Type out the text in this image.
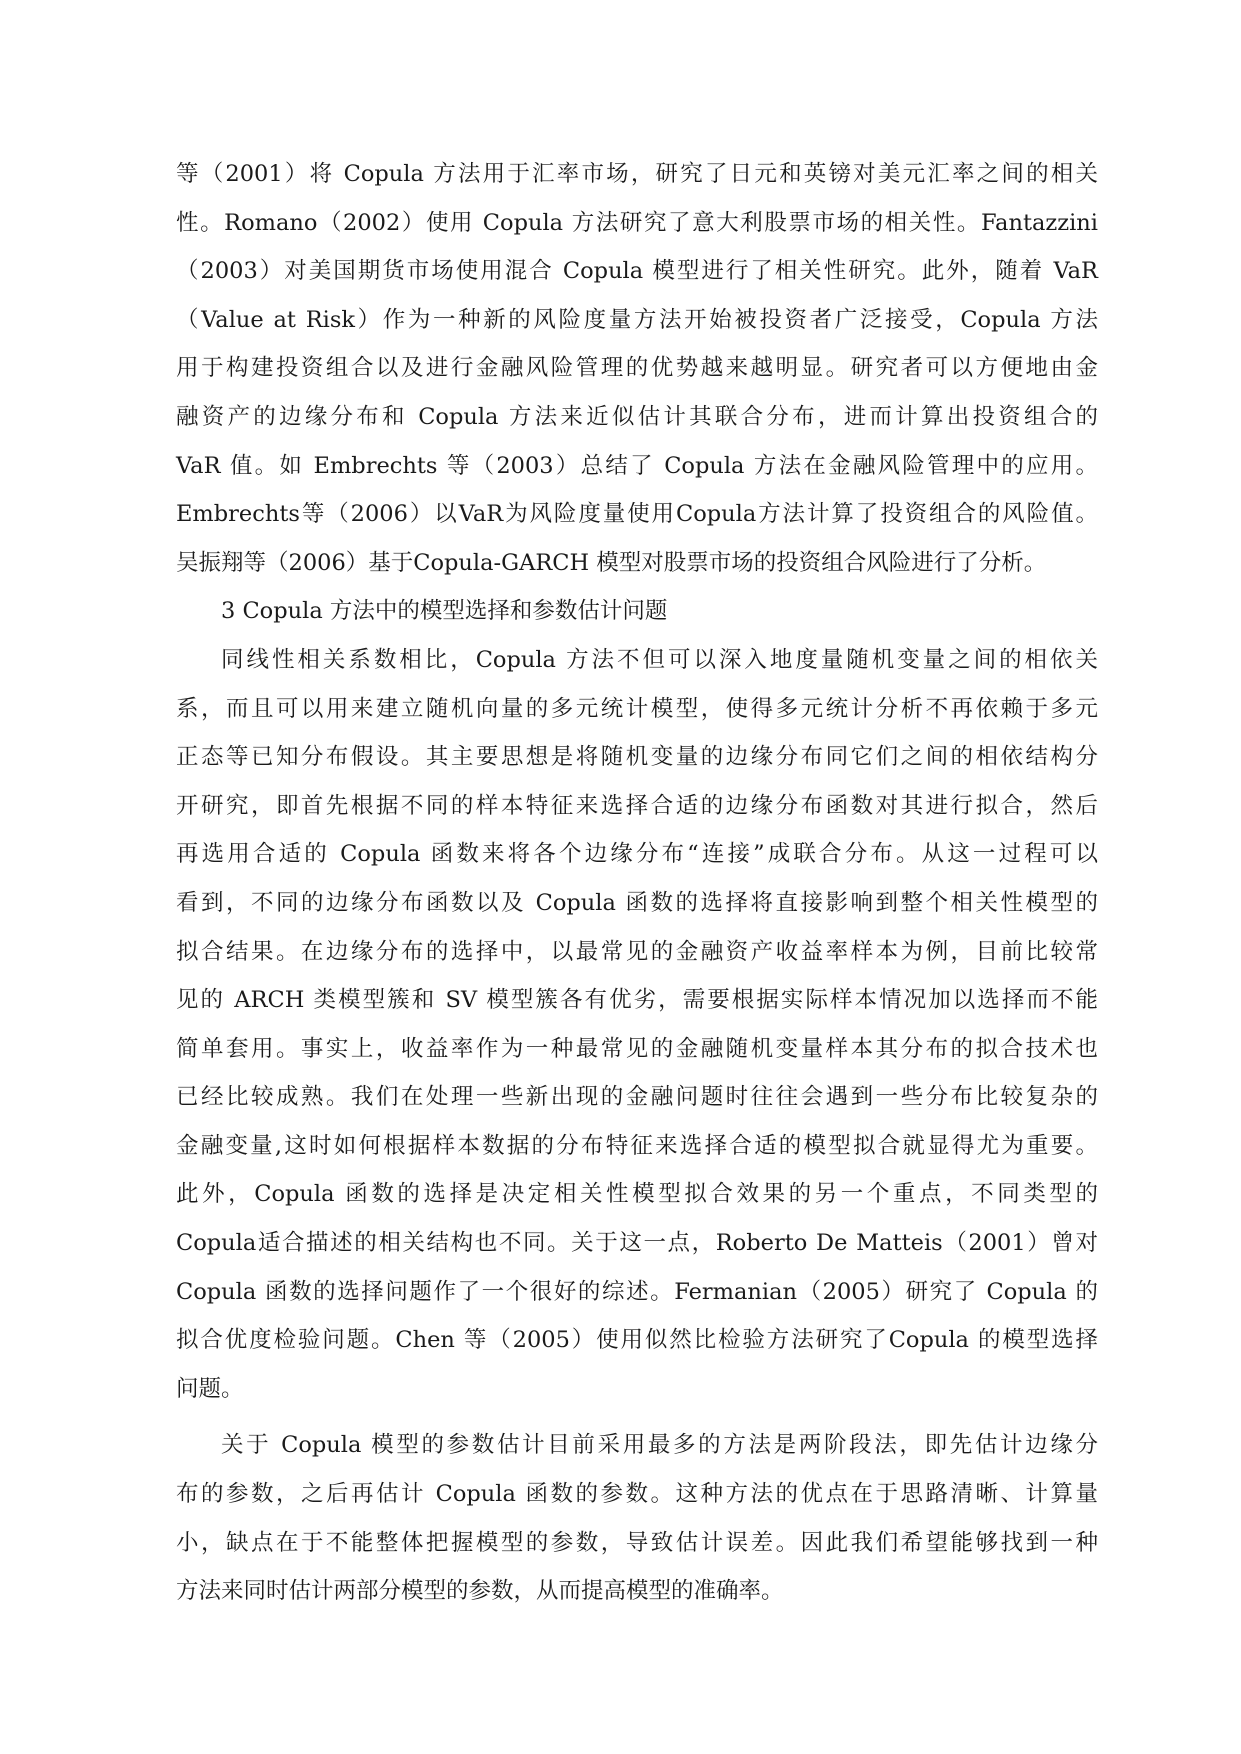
等（2001）将 Copula 方法用于汇率市场，研究了日元和英镑对美元汇率之间的相关
性。Romano（2002）使用 Copula 方法研究了意大利股票市场的相关性。Fantazzini
（2003）对美国期货市场使用混合 Copula 模型进行了相关性研究。此外，随着 VaR
（Value at Risk）作为一种新的风险度量方法开始被投资者广泛接受，Copula 方法
用于构建投资组合以及进行金融风险管理的优势越来越明显。研究者可以方便地由金
融资产的边缘分布和 Copula 方法来近似估计其联合分布，进而计算出投资组合的
VaR 值。如 Embrechts 等（2003）总结了 Copula 方法在金融风险管理中的应用。
Embrechts等（2006）以VaR为风险度量使用Copula方法计算了投资组合的风险值。
吴振翔等（2006）基于Copula-GARCH 模型对股票市场的投资组合风险进行了分析。

3 Copula 方法中的模型选择和参数估计问题

同线性相关系数相比，Copula 方法不但可以深入地度量随机变量之间的相依关
系，而且可以用来建立随机向量的多元统计模型，使得多元统计分析不再依赖于多元
正态等已知分布假设。其主要思想是将随机变量的边缘分布同它们之间的相依结构分
开研究，即首先根据不同的样本特征来选择合适的边缘分布函数对其进行拟合，然后
再选用合适的 Copula 函数来将各个边缘分布“连接”成联合分布。从这一过程可以
看到，不同的边缘分布函数以及 Copula 函数的选择将直接影响到整个相关性模型的
拟合结果。在边缘分布的选择中，以最常见的金融资产收益率样本为例，目前比较常
见的 ARCH 类模型簇和 SV 模型簇各有优劣，需要根据实际样本情况加以选择而不能
简单套用。事实上，收益率作为一种最常见的金融随机变量样本其分布的拟合技术也
已经比较成熟。我们在处理一些新出现的金融问题时往往会遇到一些分布比较复杂的
金融变量,这时如何根据样本数据的分布特征来选择合适的模型拟合就显得尤为重要。
此外，Copula 函数的选择是决定相关性模型拟合效果的另一个重点，不同类型的
Copula适合描述的相关结构也不同。关于这一点，Roberto De Matteis（2001）曾对
Copula 函数的选择问题作了一个很好的综述。Fermanian（2005）研究了 Copula 的
拟合优度检验问题。Chen 等（2005）使用似然比检验方法研究了Copula 的模型选择
问题。

关于 Copula 模型的参数估计目前采用最多的方法是两阶段法，即先估计边缘分
布的参数，之后再估计 Copula 函数的参数。这种方法的优点在于思路清晰、计算量
小，缺点在于不能整体把握模型的参数，导致估计误差。因此我们希望能够找到一种
方法来同时估计两部分模型的参数，从而提高模型的准确率。
